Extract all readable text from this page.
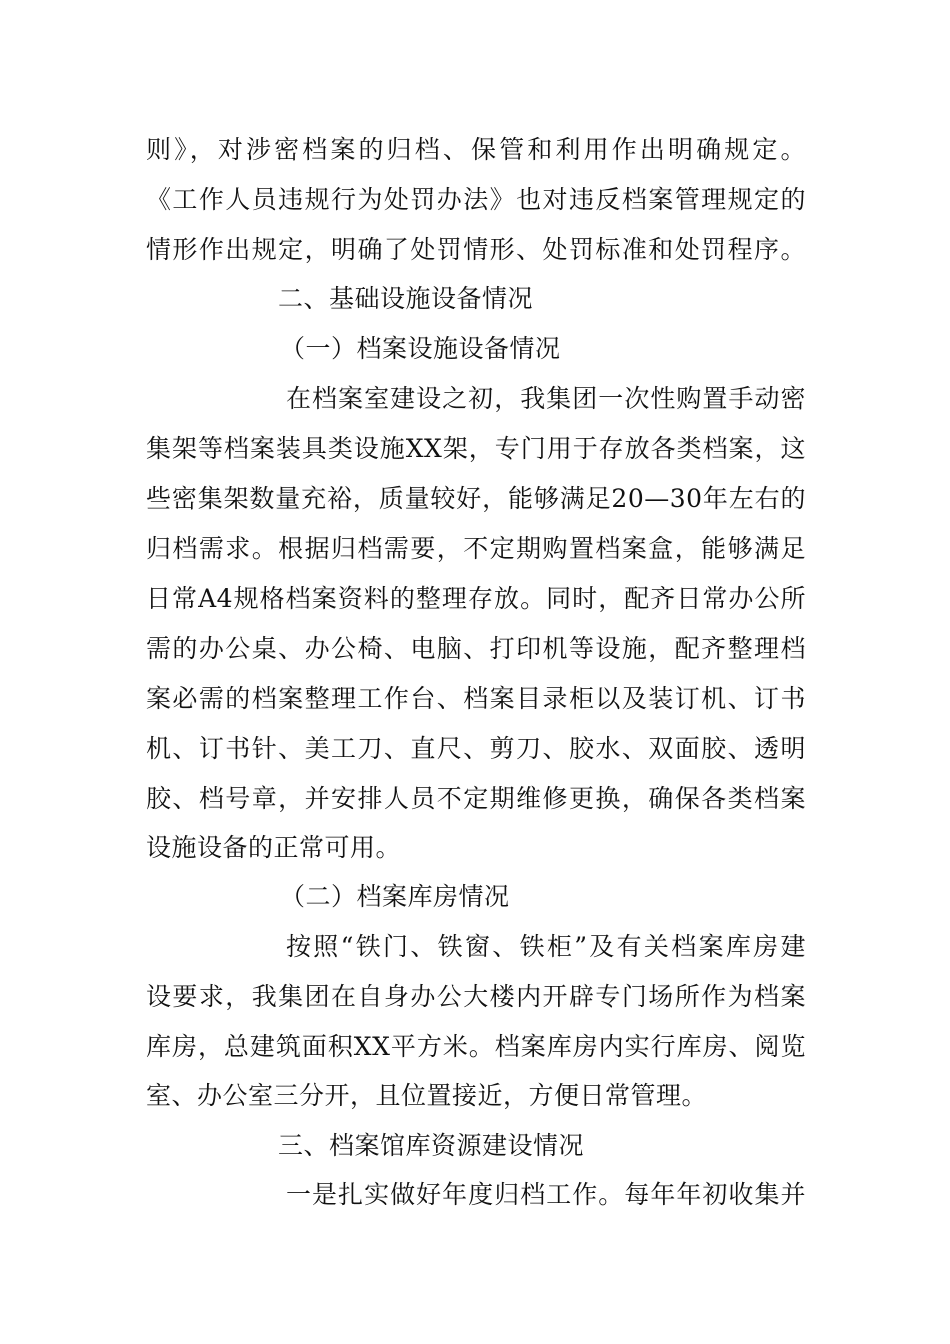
则》，对涉密档案的归档、保管和利用作出明确规定。
《工作人员违规行为处罚办法》也对违反档案管理规定的
情形作出规定，明确了处罚情形、处罚标准和处罚程序。
二、基础设施设备情况
（一）档案设施设备情况
在档案室建设之初，我集团一次性购置手动密
集架等档案装具类设施XX架，专门用于存放各类档案，这
些密集架数量充裕，质量较好，能够满足20—30年左右的
归档需求。根据归档需要，不定期购置档案盒，能够满足
日常A4规格档案资料的整理存放。同时，配齐日常办公所
需的办公桌、办公椅、电脑、打印机等设施，配齐整理档
案必需的档案整理工作台、档案目录柜以及装订机、订书
机、订书针、美工刀、直尺、剪刀、胶水、双面胶、透明
胶、档号章，并安排人员不定期维修更换，确保各类档案
设施设备的正常可用。
（二）档案库房情况
按照“铁门、铁窗、铁柜”及有关档案库房建
设要求，我集团在自身办公大楼内开辟专门场所作为档案
库房，总建筑面积XX平方米。档案库房内实行库房、阅览
室、办公室三分开，且位置接近，方便日常管理。
三、档案馆库资源建设情况
一是扎实做好年度归档工作。每年年初收集并
